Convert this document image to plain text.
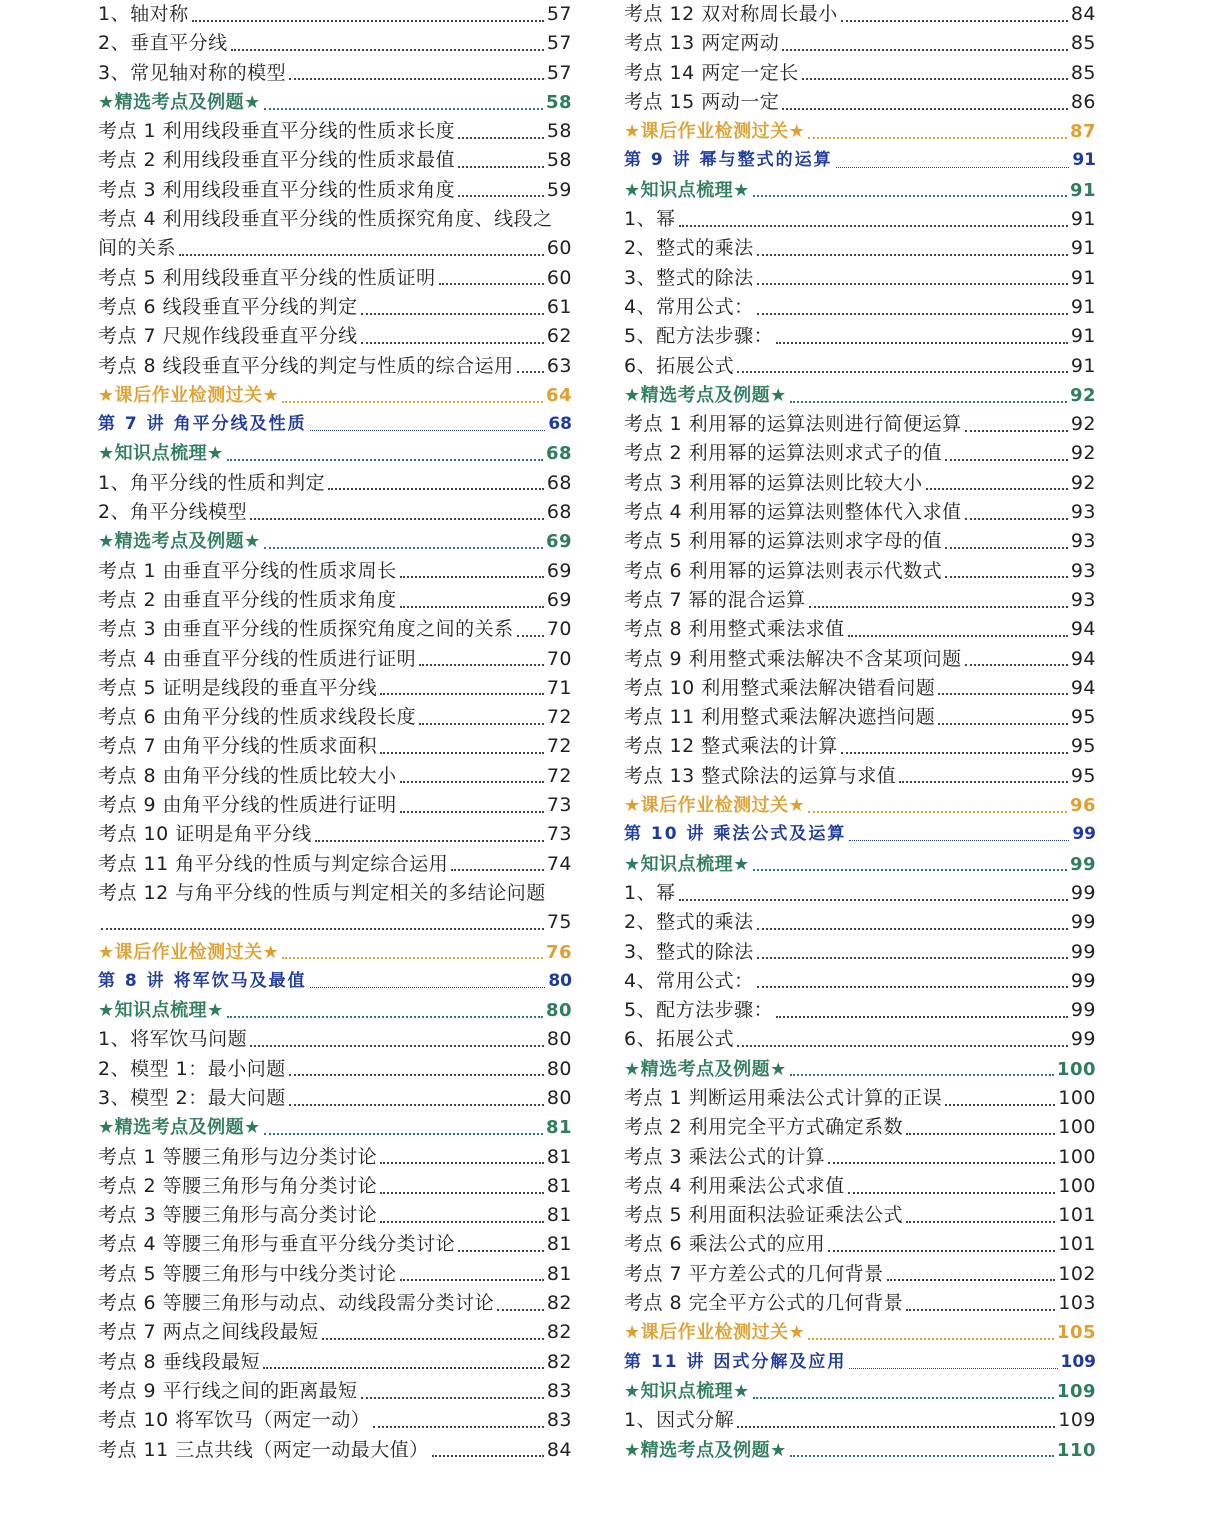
1、轴对称	57
2、垂直平分线	57
3、常见轴对称的模型	57
★精选考点及例题★	58
考点 1 利用线段垂直平分线的性质求长度	58
考点 2 利用线段垂直平分线的性质求最值	58
考点 3 利用线段垂直平分线的性质求角度	59
考点 4 利用线段垂直平分线的性质探究角度、线段之
间的关系	60
考点 5 利用线段垂直平分线的性质证明	60
考点 6 线段垂直平分线的判定	61
考点 7 尺规作线段垂直平分线	62
考点 8 线段垂直平分线的判定与性质的综合运用 63
★课后作业检测过关★	64
第 7 讲 角平分线及性质	68
★知识点梳理★	68
1、角平分线的性质和判定	68
2、角平分线模型	68
★精选考点及例题★	69
考点 1 由垂直平分线的性质求周长	69
考点 2 由垂直平分线的性质求角度	69
考点 3 由垂直平分线的性质探究角度之间的关系 70
考点 4 由垂直平分线的性质进行证明	70
考点 5 证明是线段的垂直平分线	71
考点 6 由角平分线的性质求线段长度	72
考点 7 由角平分线的性质求面积	72
考点 8 由角平分线的性质比较大小	72
考点 9 由角平分线的性质进行证明	73
考点 10 证明是角平分线	73
考点 11 角平分线的性质与判定综合运用	74
考点 12 与角平分线的性质与判定相关的多结论问题
75
★课后作业检测过关★	76
第 8 讲 将军饮马及最值	80
★知识点梳理★	80
1、将军饮马问题	80
2、模型 1：最小问题	80
3、模型 2：最大问题	80
★精选考点及例题★	81
考点 1 等腰三角形与边分类讨论	81
考点 2 等腰三角形与角分类讨论	81
考点 3 等腰三角形与高分类讨论	81
考点 4 等腰三角形与垂直平分线分类讨论	81
考点 5 等腰三角形与中线分类讨论	81
考点 6 等腰三角形与动点、动线段需分类讨论	82
考点 7 两点之间线段最短	82
考点 8 垂线段最短	82
考点 9 平行线之间的距离最短	83
考点 10 将军饮马（两定一动）	83
考点 11 三点共线（两定一动最大值）	84
考点 12 双对称周长最小	84
考点 13 两定两动	85
考点 14 两定一定长	85
考点 15 两动一定	86
★课后作业检测过关★	87
第 9 讲 幂与整式的运算	91
★知识点梳理★	91
1、幂	91
2、整式的乘法	91
3、整式的除法	91
4、常用公式：	91
5、配方法步骤：	91
6、拓展公式	91
★精选考点及例题★	92
考点 1 利用幂的运算法则进行简便运算	92
考点 2 利用幂的运算法则求式子的值	92
考点 3 利用幂的运算法则比较大小	92
考点 4 利用幂的运算法则整体代入求值	93
考点 5 利用幂的运算法则求字母的值	93
考点 6 利用幂的运算法则表示代数式	93
考点 7 幂的混合运算	93
考点 8 利用整式乘法求值	94
考点 9 利用整式乘法解决不含某项问题	94
考点 10 利用整式乘法解决错看问题	94
考点 11 利用整式乘法解决遮挡问题	95
考点 12 整式乘法的计算	95
考点 13 整式除法的运算与求值	95
★课后作业检测过关★	96
第 10 讲 乘法公式及运算	99
★知识点梳理★	99
1、幂	99
2、整式的乘法	99
3、整式的除法	99
4、常用公式：	99
5、配方法步骤：	99
6、拓展公式	99
★精选考点及例题★	100
考点 1 判断运用乘法公式计算的正误	100
考点 2 利用完全平方式确定系数	100
考点 3 乘法公式的计算	100
考点 4 利用乘法公式求值	100
考点 5 利用面积法验证乘法公式	101
考点 6 乘法公式的应用	101
考点 7 平方差公式的几何背景	102
考点 8 完全平方公式的几何背景	103
★课后作业检测过关★	105
第 11 讲 因式分解及应用	109
★知识点梳理★	109
1、因式分解	109
★精选考点及例题★	110
